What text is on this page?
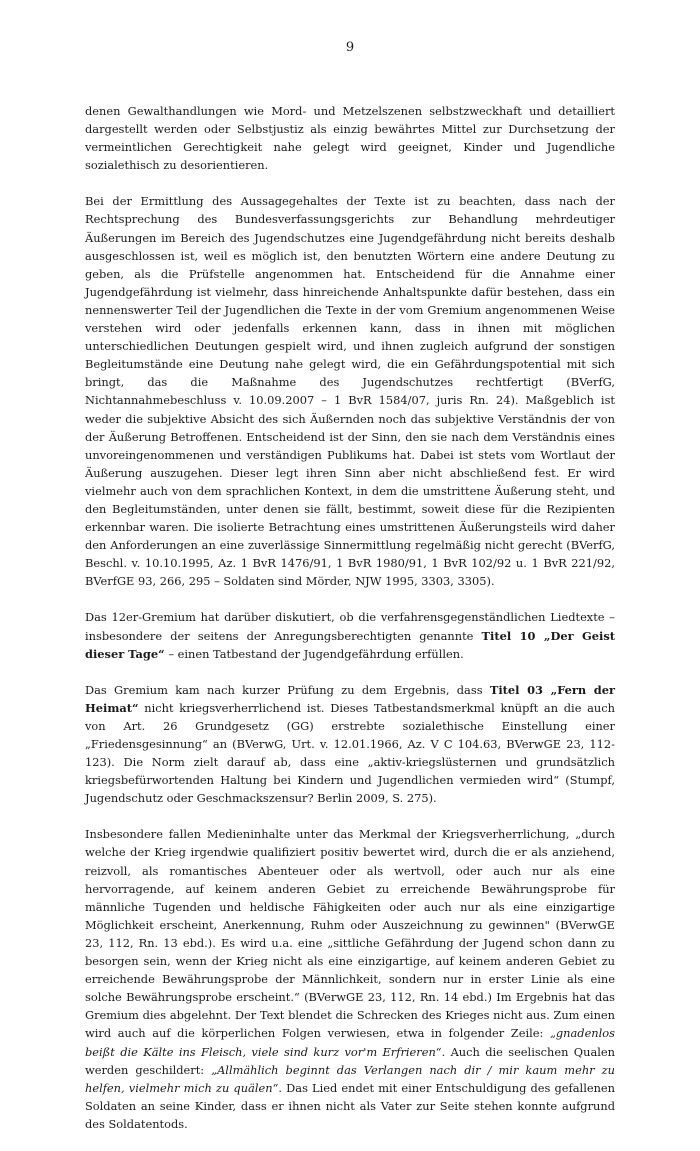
9

denen Gewalthandlungen wie Mord- und Metzelszenen selbstzweckhaft und detailliert dargestellt werden oder Selbstjustiz als einzig bewährtes Mittel zur Durchsetzung der vermeintlichen Gerechtigkeit nahe gelegt wird geeignet, Kinder und Jugendliche sozialethisch zu desorientieren.

Bei der Ermittlung des Aussagegehaltes der Texte ist zu beachten, dass nach der Rechtsprechung des Bundesverfassungsgerichts zur Behandlung mehrdeutiger Äußerungen im Bereich des Jugendschutzes eine Jugendgefährdung nicht bereits deshalb ausgeschlossen ist, weil es möglich ist, den benutzten Wörtern eine andere Deutung zu geben, als die Prüfstelle angenommen hat. Entscheidend für die Annahme einer Jugendgefährdung ist vielmehr, dass hinreichende Anhaltspunkte dafür bestehen, dass ein nennenswerter Teil der Jugendlichen die Texte in der vom Gremium angenommenen Weise verstehen wird oder jedenfalls erkennen kann, dass in ihnen mit möglichen unterschiedlichen Deutungen gespielt wird, und ihnen zugleich aufgrund der sonstigen Begleitumstände eine Deutung nahe gelegt wird, die ein Gefährdungspotential mit sich bringt, das die Maßnahme des Jugendschutzes rechtfertigt (BVerfG, Nichtannahmebeschluss v. 10.09.2007 – 1 BvR 1584/07, juris Rn. 24). Maßgeblich ist weder die subjektive Absicht des sich Äußernden noch das subjektive Verständnis der von der Äußerung Betroffenen. Entscheidend ist der Sinn, den sie nach dem Verständnis eines unvoreingenommenen und verständigen Publikums hat. Dabei ist stets vom Wortlaut der Äußerung auszugehen. Dieser legt ihren Sinn aber nicht abschließend fest. Er wird vielmehr auch von dem sprachlichen Kontext, in dem die umstrittene Äußerung steht, und den Begleitumständen, unter denen sie fällt, bestimmt, soweit diese für die Rezipienten erkennbar waren. Die isolierte Betrachtung eines umstrittenen Äußerungsteils wird daher den Anforderungen an eine zuverlässige Sinnermittlung regelmäßig nicht gerecht (BVerfG, Beschl. v. 10.10.1995, Az. 1 BvR 1476/91, 1 BvR 1980/91, 1 BvR 102/92 u. 1 BvR 221/92, BVerfGE 93, 266, 295 – Soldaten sind Mörder, NJW 1995, 3303, 3305).

Das 12er-Gremium hat darüber diskutiert, ob die verfahrensgegenständlichen Liedtexte – insbesondere der seitens der Anregungsberechtigten genannte Titel 10 „Der Geist dieser Tage“ – einen Tatbestand der Jugendgefährdung erfüllen.

Das Gremium kam nach kurzer Prüfung zu dem Ergebnis, dass Titel 03 „Fern der Heimat“ nicht kriegsverherrlichend ist. Dieses Tatbestandsmerkmal knüpft an die auch von Art. 26 Grundgesetz (GG) erstrebte sozialethische Einstellung einer „Friedensgesinnung“ an (BVerwG, Urt. v. 12.01.1966, Az. V C 104.63, BVerwGE 23, 112-123). Die Norm zielt darauf ab, dass eine „aktiv-kriegslüsternen und grundsätzlich kriegsbefürwortenden Haltung bei Kindern und Jugendlichen vermieden wird“ (Stumpf, Jugendschutz oder Geschmackszensur? Berlin 2009, S. 275).

Insbesondere fallen Medieninhalte unter das Merkmal der Kriegsverherrlichung, „durch welche der Krieg irgendwie qualifiziert positiv bewertet wird, durch die er als anziehend, reizvoll, als romantisches Abenteuer oder als wertvoll, oder auch nur als eine hervorragende, auf keinem anderen Gebiet zu erreichende Bewährungsprobe für männliche Tugenden und heldische Fähigkeiten oder auch nur als eine einzigartige Möglichkeit erscheint, Anerkennung, Ruhm oder Auszeichnung zu gewinnen" (BVerwGE 23, 112, Rn. 13 ebd.). Es wird u.a. eine „sittliche Gefährdung der Jugend schon dann zu besorgen sein, wenn der Krieg nicht als eine einzigartige, auf keinem anderen Gebiet zu erreichende Bewährungsprobe der Männlichkeit, sondern nur in erster Linie als eine solche Bewährungsprobe erscheint.“ (BVerwGE 23, 112, Rn. 14 ebd.) Im Ergebnis hat das Gremium dies abgelehnt. Der Text blendet die Schrecken des Krieges nicht aus. Zum einen wird auch auf die körperlichen Folgen verwiesen, etwa in folgender Zeile: „gnadenlos beißt die Kälte ins Fleisch, viele sind kurz vor'm Erfrieren“. Auch die seelischen Qualen werden geschildert: „Allmählich beginnt das Verlangen nach dir / mir kaum mehr zu helfen, vielmehr mich zu quälen“. Das Lied endet mit einer Entschuldigung des gefallenen Soldaten an seine Kinder, dass er ihnen nicht als Vater zur Seite stehen konnte aufgrund des Soldatentods.
